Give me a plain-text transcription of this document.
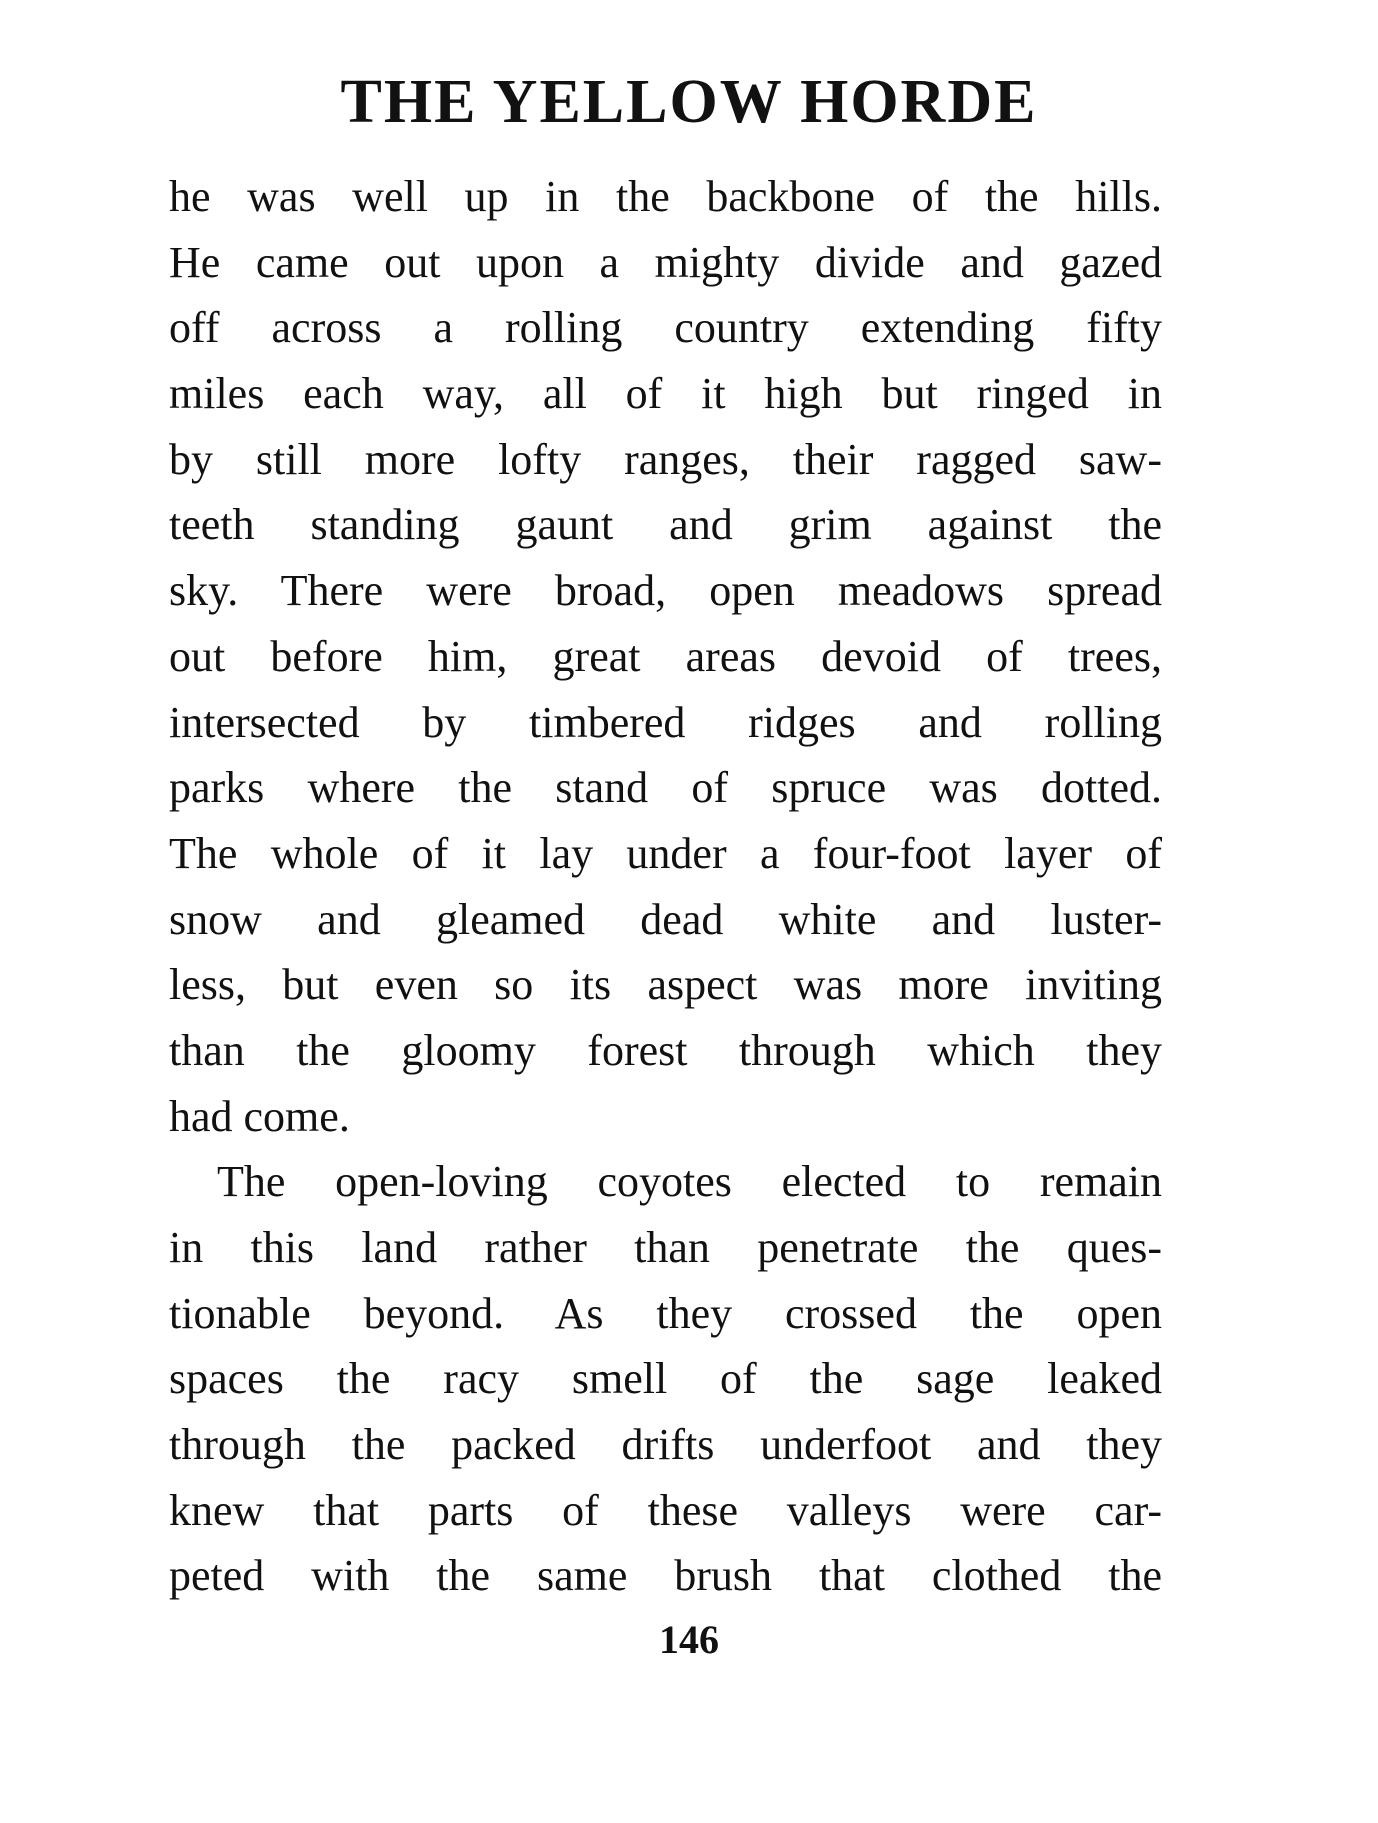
THE YELLOW HORDE
he was well up in the backbone of the hills.
He came out upon a mighty divide and gazed
off across a rolling country extending fifty
miles each way, all of it high but ringed in
by still more lofty ranges, their ragged saw-
teeth standing gaunt and grim against the
sky. There were broad, open meadows spread
out before him, great areas devoid of trees,
intersected by timbered ridges and rolling
parks where the stand of spruce was dotted.
The whole of it lay under a four-foot layer of
snow and gleamed dead white and luster-
less, but even so its aspect was more inviting
than the gloomy forest through which they
had come.
The open-loving coyotes elected to remain
in this land rather than penetrate the ques-
tionable beyond. As they crossed the open
spaces the racy smell of the sage leaked
through the packed drifts underfoot and they
knew that parts of these valleys were car-
peted with the same brush that clothed the
146
